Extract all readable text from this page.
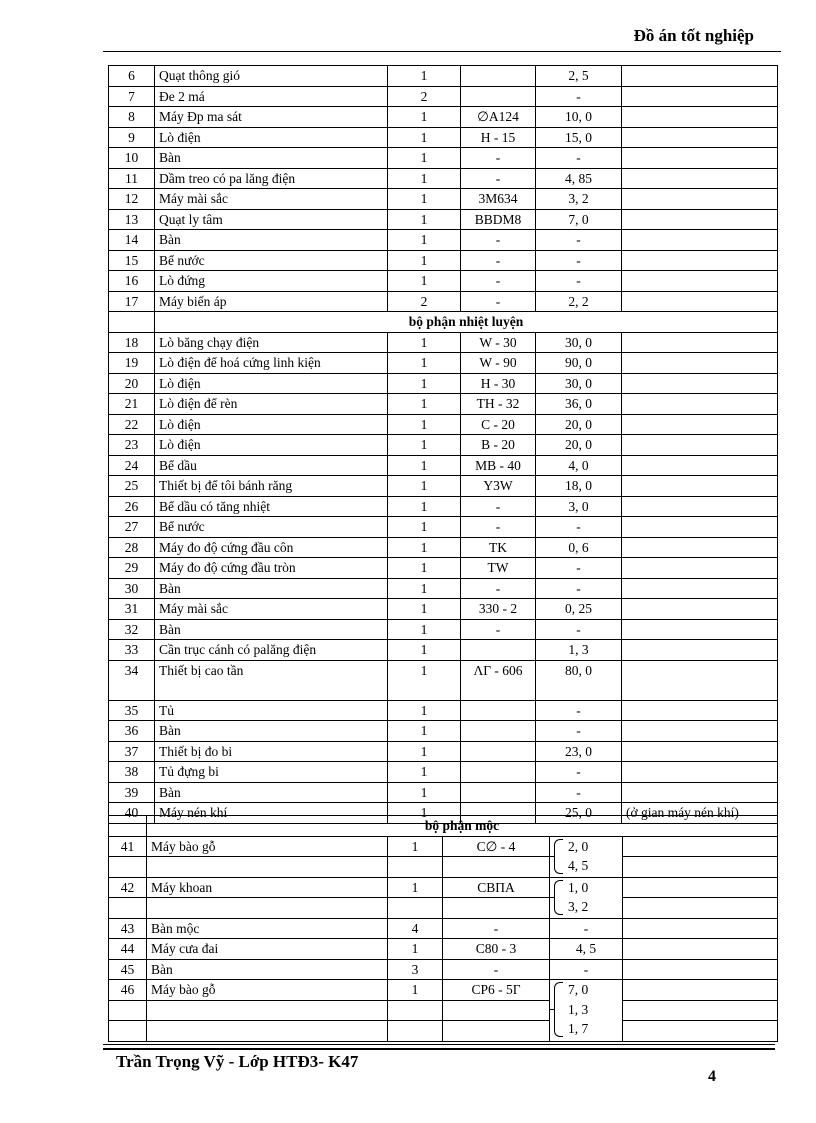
Đồ án tốt nghiệp
6	Quạt thông gió	1		2, 5	
7	Đe 2 má	2		-	
8	Máy Đp ma sát	1	∅A124	10, 0	
9	Lò điện	1	H - 15	15, 0	
10	Bàn	1	-	-	
11	Dầm treo có pa lăng điện	1	-	4, 85	
12	Máy mài sắc	1	3M634	3, 2	
13	Quạt ly tâm	1	BBDM8	7, 0	
14	Bàn	1	-	-	
15	Bể nước	1	-	-	
16	Lò đứng	1	-	-	
17	Máy biến áp	2	-	2, 2	
	bộ phận nhiệt luyện				
18	Lò băng chạy điện	1	W - 30	30, 0	
19	Lò điện để hoá cứng linh kiện	1	W - 90	90, 0	
20	Lò điện	1	H - 30	30, 0	
21	Lò điện để rèn	1	TH - 32	36, 0	
22	Lò điện	1	C - 20	20, 0	
23	Lò điện	1	B - 20	20, 0	
24	Bể dầu	1	MB - 40	4, 0	
25	Thiết bị để tôi bánh răng	1	Y3W	18, 0	
26	Bể dầu có tăng nhiệt	1	-	3, 0	
27	Bể nước	1	-	-	
28	Máy đo độ cứng đầu côn	1	TK	0, 6	
29	Máy đo độ cứng đầu tròn	1	TW	-	
30	Bàn	1	-	-	
31	Máy mài sắc	1	330 - 2	0, 25	
32	Bàn	1	-	-	
33	Cần trục cánh có palăng điện	1		1, 3	
34	Thiết bị cao tần	1	ΛΓ - 606	80, 0	
35	Tủ	1		-	
36	Bàn	1		-	
37	Thiết bị đo bi	1		23, 0	
38	Tủ đựng bi	1		-	
39	Bàn	1		-	
40	Máy nén khí	1		25, 0	(ở gian máy nén khí)
	bộ phận mộc				
41	Máy bào gỗ	1	C∅ - 4	2, 0
4, 5	

42	Máy khoan	1	CBΠA	1, 0
3, 2	

43	Bàn mộc	4	-	-	
44	Máy cưa đai	1	C80 - 3	4, 5	
45	Bàn	3	-	-	
46	Máy bào gỗ	1	CP6 - 5Γ	7, 0
1, 3
1, 7	

Trần Trọng Vỹ - Lớp HTĐ3- K47
4
